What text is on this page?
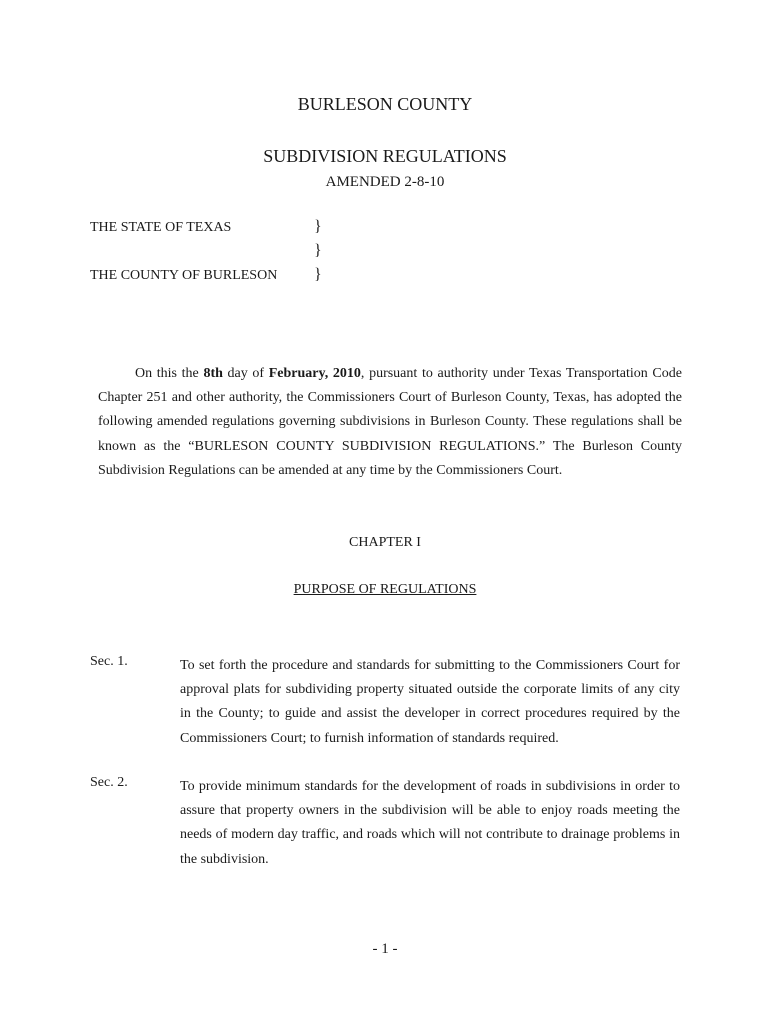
BURLESON COUNTY
SUBDIVISION REGULATIONS
AMENDED 2-8-10
THE STATE OF TEXAS
THE COUNTY OF BURLESON
}
}
}
On this the 8th day of February, 2010, pursuant to authority under Texas Transportation Code Chapter 251 and other authority, the Commissioners Court of Burleson County, Texas, has adopted the following amended regulations governing subdivisions in Burleson County. These regulations shall be known as the “BURLESON COUNTY SUBDIVISION REGULATIONS.” The Burleson County Subdivision Regulations can be amended at any time by the Commissioners Court.
CHAPTER I
PURPOSE OF REGULATIONS
Sec. 1.	To set forth the procedure and standards for submitting to the Commissioners Court for approval plats for subdividing property situated outside the corporate limits of any city in the County; to guide and assist the developer in correct procedures required by the Commissioners Court; to furnish information of standards required.
Sec. 2.	To provide minimum standards for the development of roads in subdivisions in order to assure that property owners in the subdivision will be able to enjoy roads meeting the needs of modern day traffic, and roads which will not contribute to drainage problems in the subdivision.
- 1 -
